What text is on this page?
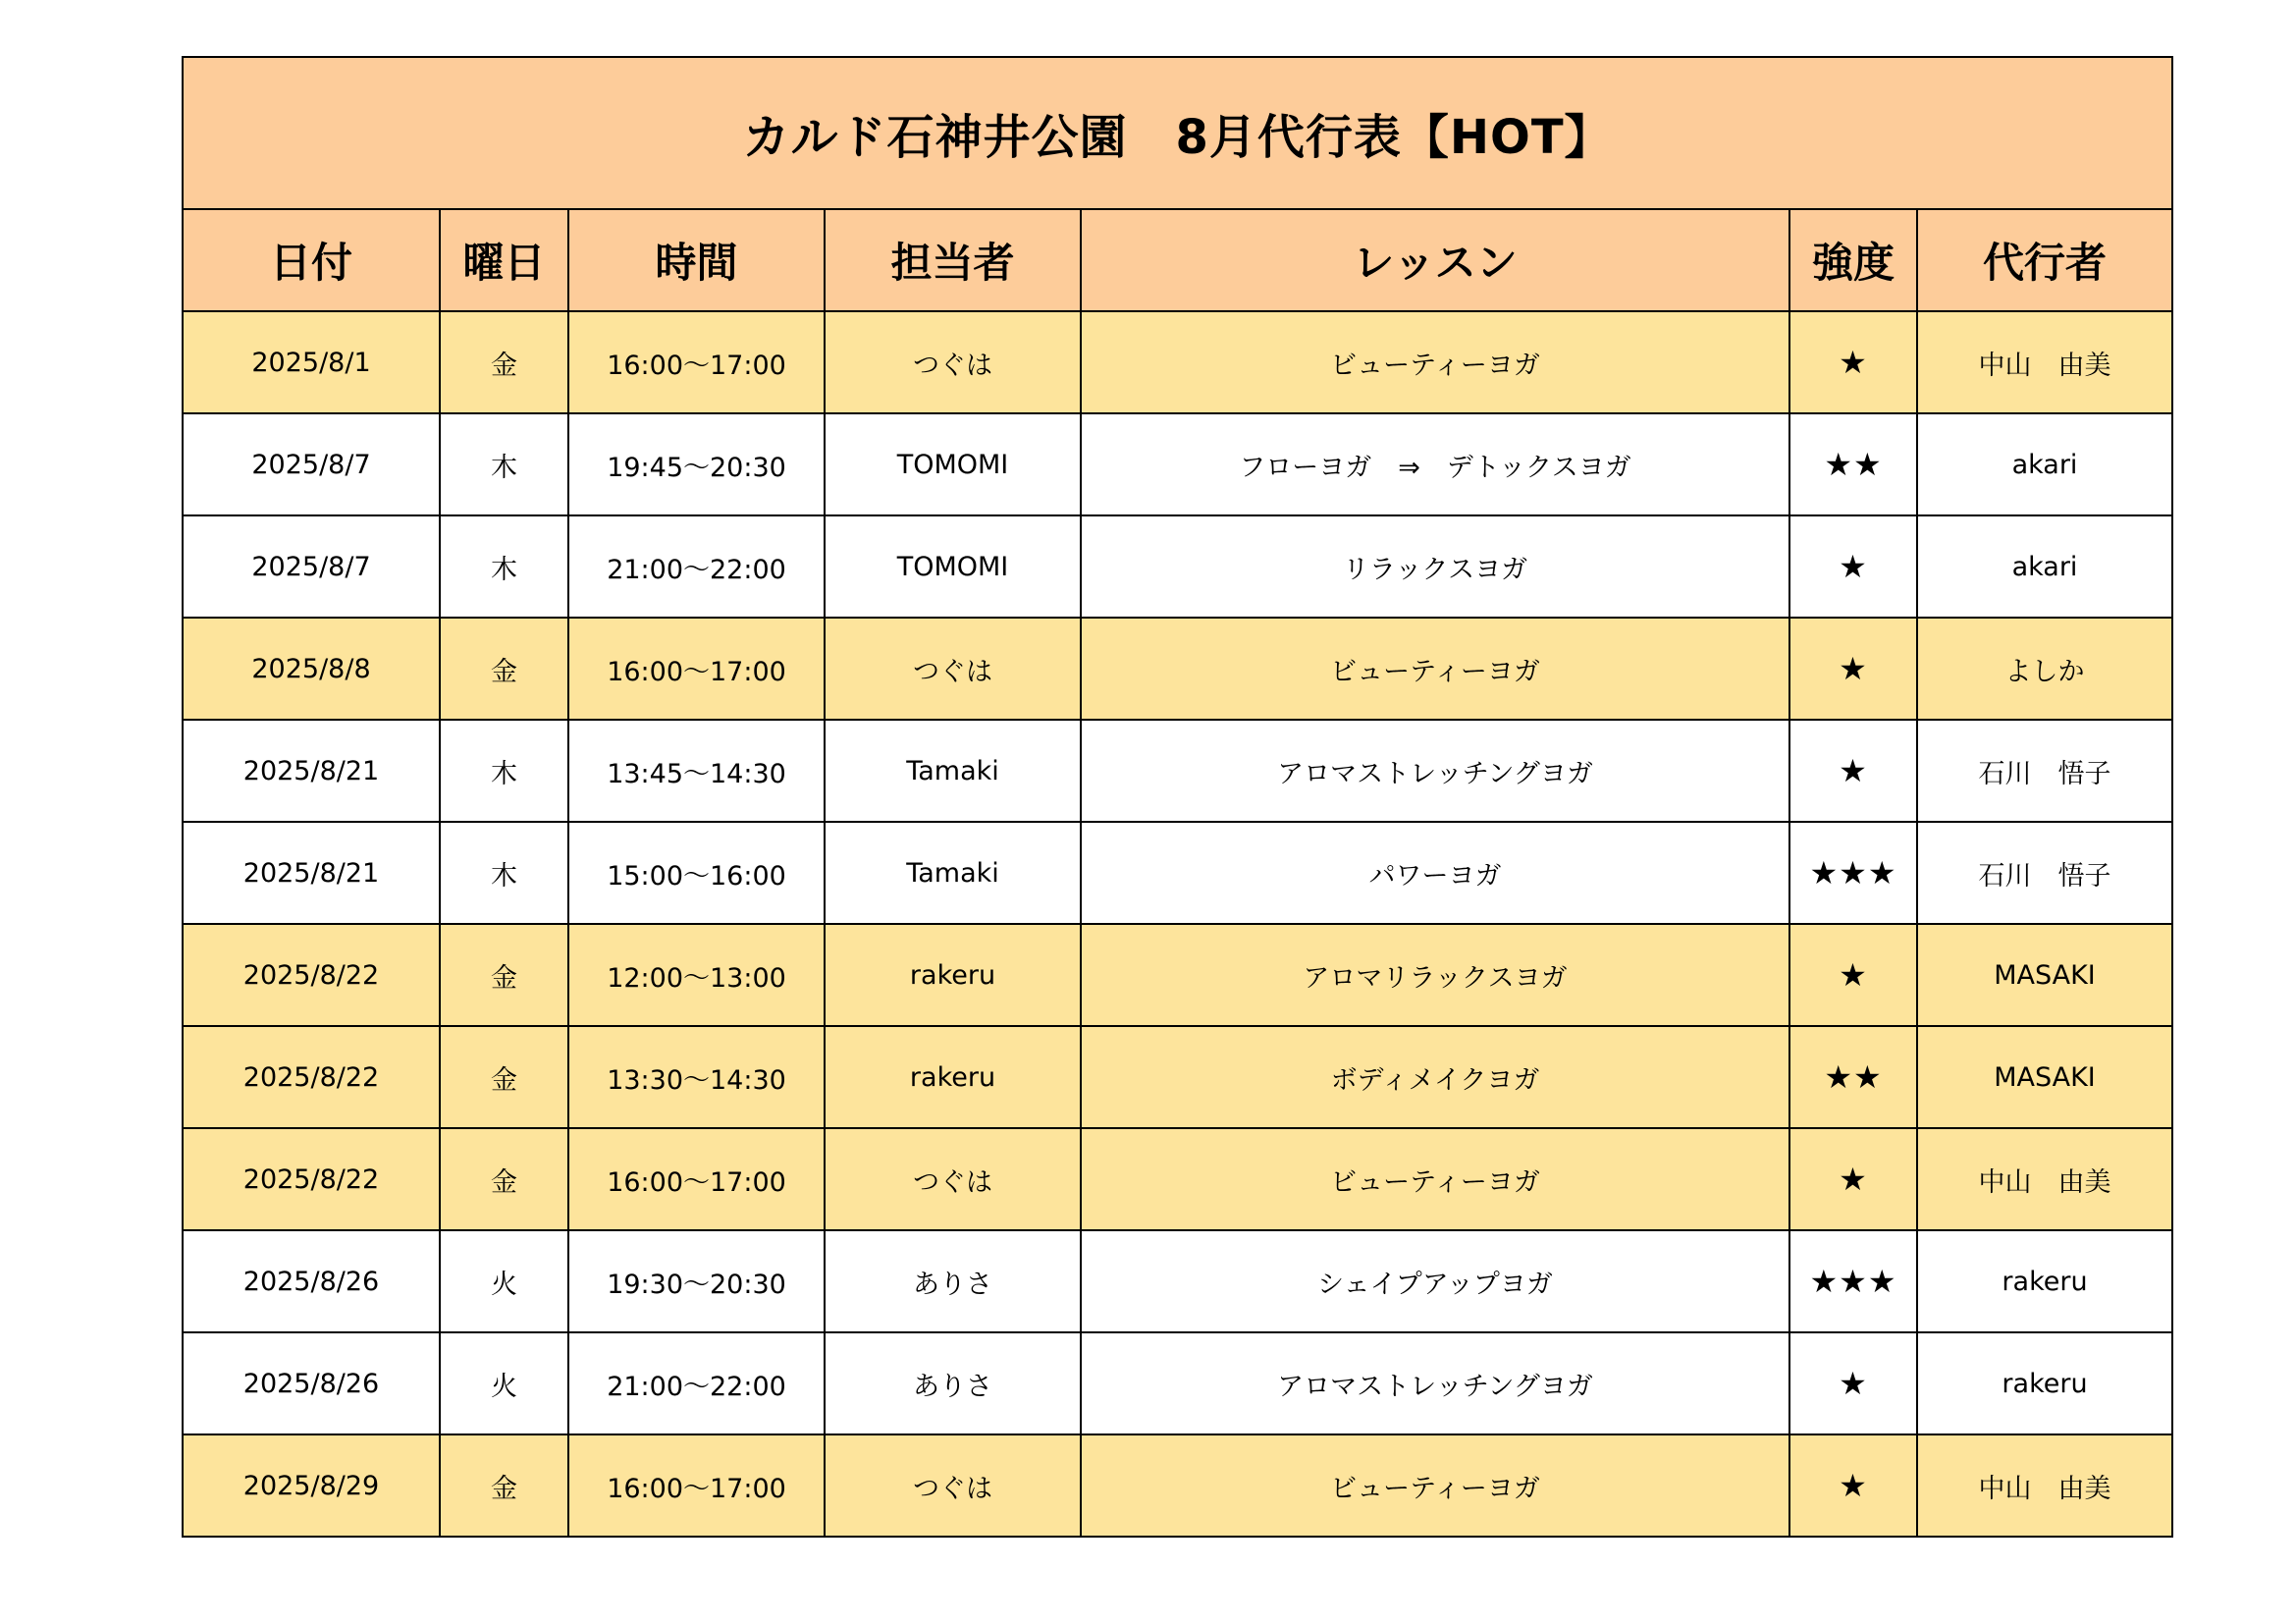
カルド石神井公園　8月代行表【HOT】						
日付	曜日	時間	担当者	レッスン	強度	代行者
2025/8/1	金	16:00～17:00	つぐは	ビューティーヨガ	★	中山　由美
2025/8/7	木	19:45～20:30	TOMOMI	フローヨガ　⇒　デトックスヨガ	★★	akari
2025/8/7	木	21:00～22:00	TOMOMI	リラックスヨガ	★	akari
2025/8/8	金	16:00～17:00	つぐは	ビューティーヨガ	★	よしか
2025/8/21	木	13:45～14:30	Tamaki	アロマストレッチングヨガ	★	石川　悟子
2025/8/21	木	15:00～16:00	Tamaki	パワーヨガ	★★★	石川　悟子
2025/8/22	金	12:00～13:00	rakeru	アロマリラックスヨガ	★	MASAKI
2025/8/22	金	13:30～14:30	rakeru	ボディメイクヨガ	★★	MASAKI
2025/8/22	金	16:00～17:00	つぐは	ビューティーヨガ	★	中山　由美
2025/8/26	火	19:30～20:30	ありさ	シェイプアップヨガ	★★★	rakeru
2025/8/26	火	21:00～22:00	ありさ	アロマストレッチングヨガ	★	rakeru
2025/8/29	金	16:00～17:00	つぐは	ビューティーヨガ	★	中山　由美
